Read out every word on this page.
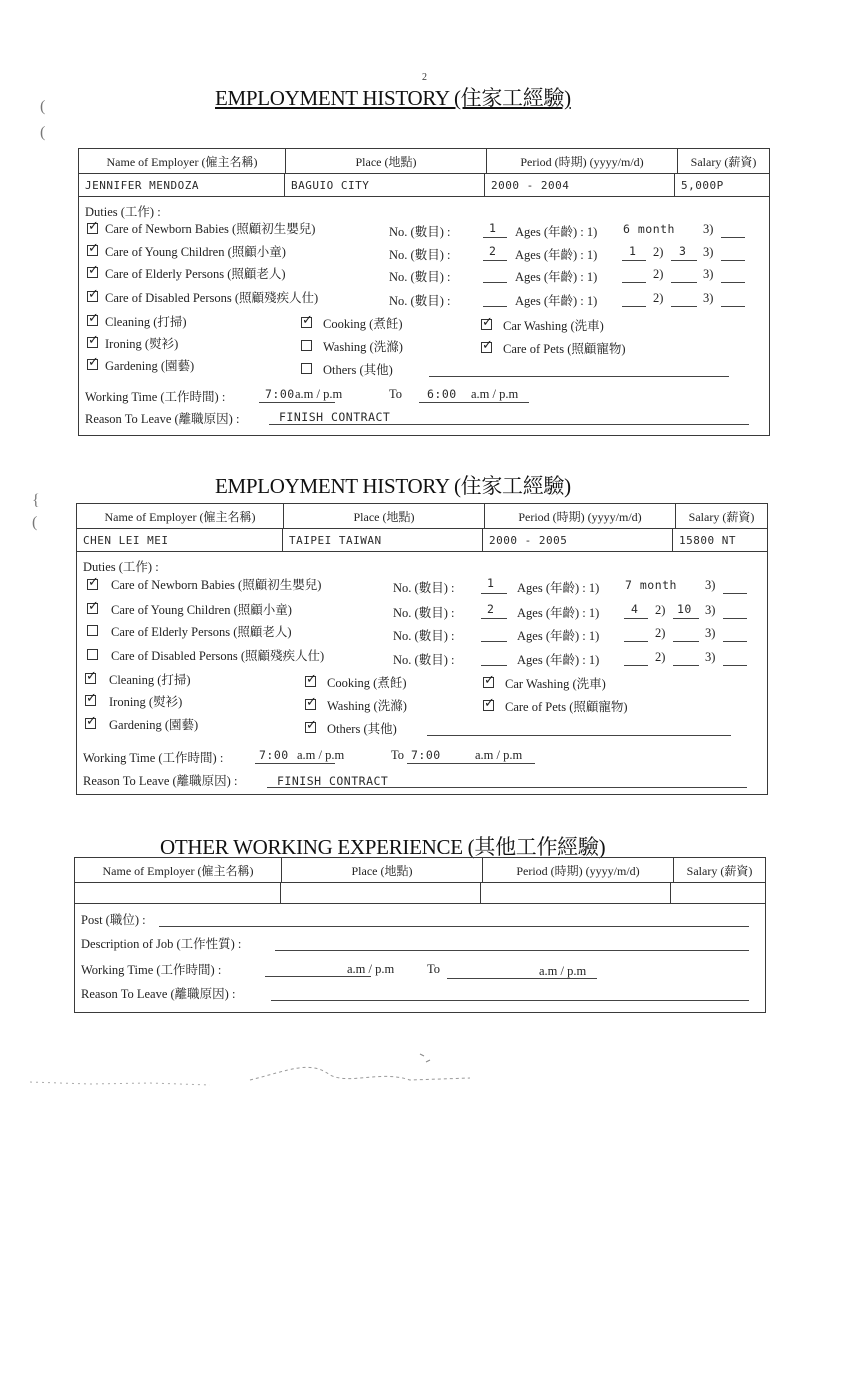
2
EMPLOYMENT HISTORY (住家工經驗)
Name of Employer (僱主名稱)	Place (地點)	Period (時期) (yyyy/m/d)	Salary (薪資)
JENNIFER MENDOZA	BAGUIO CITY	2000 - 2004	5,000P
Duties (工作) :
✓
Care of Newborn Babies (照顧初生嬰兒)	No. (數目) :	1 Ages (年齡) : 1) 6 month 3)
✓
Care of Young Children (照顧小童)	No. (數目) :	2 Ages (年齡) : 1)	1 2) 3 3)
✓
Care of Elderly Persons (照顧老人)	No. (數目) :	Ages (年齡) : 1)	2)	3)
✓
Care of Disabled Persons (照顧殘疾人仕)	No. (數目) :	Ages (年齡) : 1)	2)	3)
✓
Cleaning (打掃) ✓	Cooking (煮飪) ✓	Car Washing (洗車)
✓
Ironing (熨衫)	Washing (洗滌) ✓	Care of Pets (照顧寵物)
✓
Gardening (園藝)	Others (其他)
Working Time (工作時間) :	7:00 a.m / p.m	To 6:00 a.m / p.m
Reason To Leave (離職原因) :	FINISH CONTRACT
EMPLOYMENT HISTORY (住家工經驗)
Name of Employer (僱主名稱)	Place (地點)	Period (時期) (yyyy/m/d)	Salary (薪資)
CHEN LEI MEI	TAIPEI TAIWAN	2000 - 2005	15800 NT
Duties (工作) :
✓
Care of Newborn Babies (照顧初生嬰兒)	No. (數目) :	1 Ages (年齡) : 1) 7 month 3)
✓
Care of Young Children (照顧小童)	No. (數目) :	2 Ages (年齡) : 1)	4 2) 10 3)
Care of Elderly Persons (照顧老人)	No. (數目) :	Ages (年齡) : 1)	2)	3)
Care of Disabled Persons (照顧殘疾人仕)	No. (數目) :	Ages (年齡) : 1)	2)	3)
✓
Cleaning (打掃) ✓	Cooking (煮飪) ✓	Car Washing (洗車)
✓
Ironing (熨衫) ✓	Washing (洗滌) ✓	Care of Pets (照顧寵物)
✓
Gardening (園藝) ✓	Others (其他)
Working Time (工作時間) :	7:00 a.m / p.m	To 7:00	a.m / p.m
Reason To Leave (離職原因) :	FINISH CONTRACT
OTHER WORKING EXPERIENCE (其他工作經驗)
Name of Employer (僱主名稱)	Place (地點)	Period (時期) (yyyy/m/d)	Salary (薪資)
Post (職位) :
Description of Job (工作性質) :
Working Time (工作時間) :	a.m / p.m	To	a.m / p.m
Reason To Leave (離職原因) :
(
(
{
(
